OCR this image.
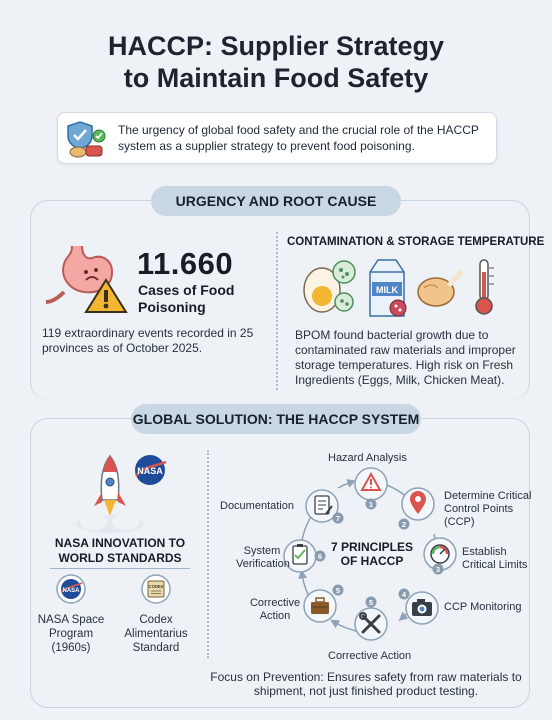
HACCP: Supplier Strategy
to Maintain Food Safety
The urgency of global food safety and the crucial role of the HACCP system as a supplier strategy to prevent food poisoning.
URGENCY AND ROOT CAUSE
11.660
Cases of Food Poisoning
119 extraordinary events recorded in 25 provinces as of October 2025.
CONTAMINATION & STORAGE TEMPERATURE
MILK
BPOM found bacterial growth due to contaminated raw materials and improper storage temperatures. High risk on Fresh Ingredients (Eggs, Milk, Chicken Meat).
GLOBAL SOLUTION: THE HACCP SYSTEM
NASA
NASA INNOVATION TO WORLD STANDARDS
NASA
NASA Space Program (1960s)
CODEX
Codex Alimentarius Standard
7 PRINCIPLES OF HACCP
1
Hazard Analysis
2
Determine Critical Control Points (CCP)
3
Establish Critical Limits
4
CCP Monitoring
5
Corrective Action
5
Corrective Action
6
System Verification
7
Documentation
Focus on Prevention: Ensures safety from raw materials to shipment, not just finished product testing.
